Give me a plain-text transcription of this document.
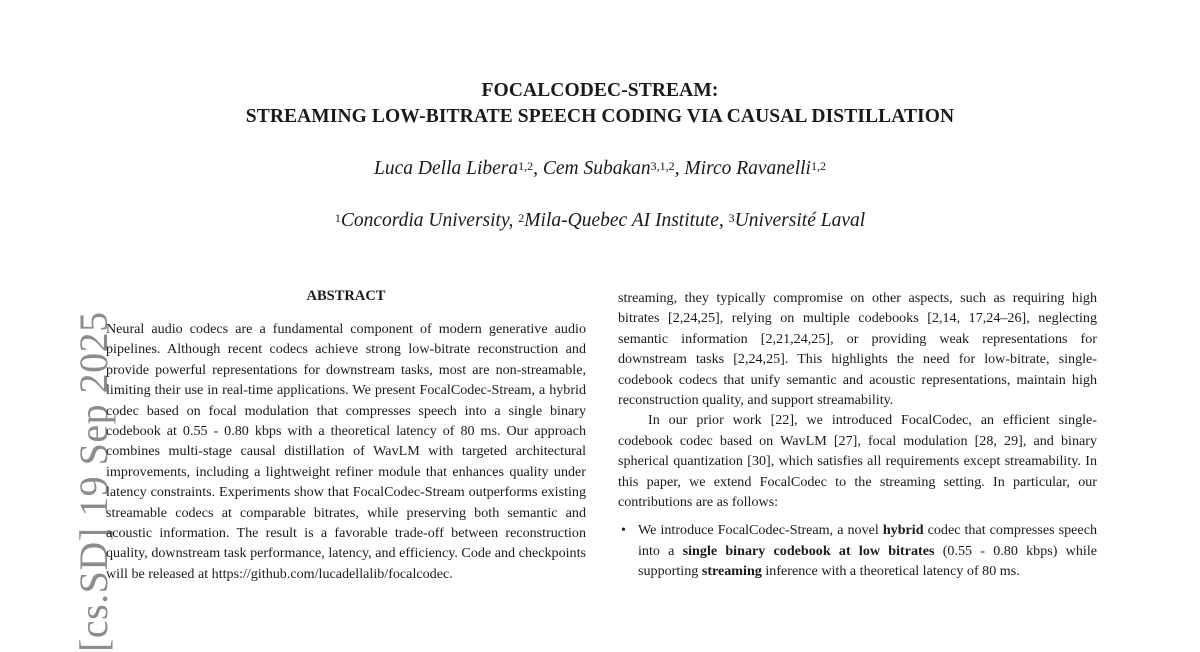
[cs.SD] 19 Sep 2025
FOCALCODEC-STREAM:
STREAMING LOW-BITRATE SPEECH CODING VIA CAUSAL DISTILLATION
Luca Della Libera$^{1,2}$, Cem Subakan$^{3,1,2}$, Mirco Ravanelli$^{1,2}$
$^1$Concordia University, $^2$Mila-Quebec AI Institute, $^3$Université Laval
ABSTRACT

Neural audio codecs are a fundamental component of modern generative audio pipelines. Although recent codecs achieve strong low-bitrate reconstruction and provide powerful representations for downstream tasks, most are non-streamable, limiting their use in real-time applications. We present FocalCodec-Stream, a hybrid codec based on focal modulation that compresses speech into a single binary codebook at 0.55 - 0.80 kbps with a theoretical latency of 80 ms. Our approach combines multi-stage causal distillation of WavLM with targeted architectural improvements, including a lightweight refiner module that enhances quality under latency constraints. Experiments show that FocalCodec-Stream outperforms existing streamable codecs at comparable bitrates, while preserving both semantic and acoustic information. The result is a favorable trade-off between reconstruction quality, downstream task performance, latency, and efficiency. Code and checkpoints will be released at https://github.com/lucadellalib/focalcodec.

streaming, they typically compromise on other aspects, such as requiring high bitrates [2,24,25], relying on multiple codebooks [2,14, 17,24–26], neglecting semantic information [2,21,24,25], or providing weak representations for downstream tasks [2,24,25]. This highlights the need for low-bitrate, single-codebook codecs that unify semantic and acoustic representations, maintain high reconstruction quality, and support streamability.

In our prior work [22], we introduced FocalCodec, an efficient single-codebook codec based on WavLM [27], focal modulation [28, 29], and binary spherical quantization [30], which satisfies all requirements except streamability. In this paper, we extend FocalCodec to the streaming setting. In particular, our contributions are as follows:

• We introduce FocalCodec-Stream, a novel hybrid codec that compresses speech into a single binary codebook at low bitrates (0.55 - 0.80 kbps) while supporting streaming inference with a theoretical latency of 80 ms.
